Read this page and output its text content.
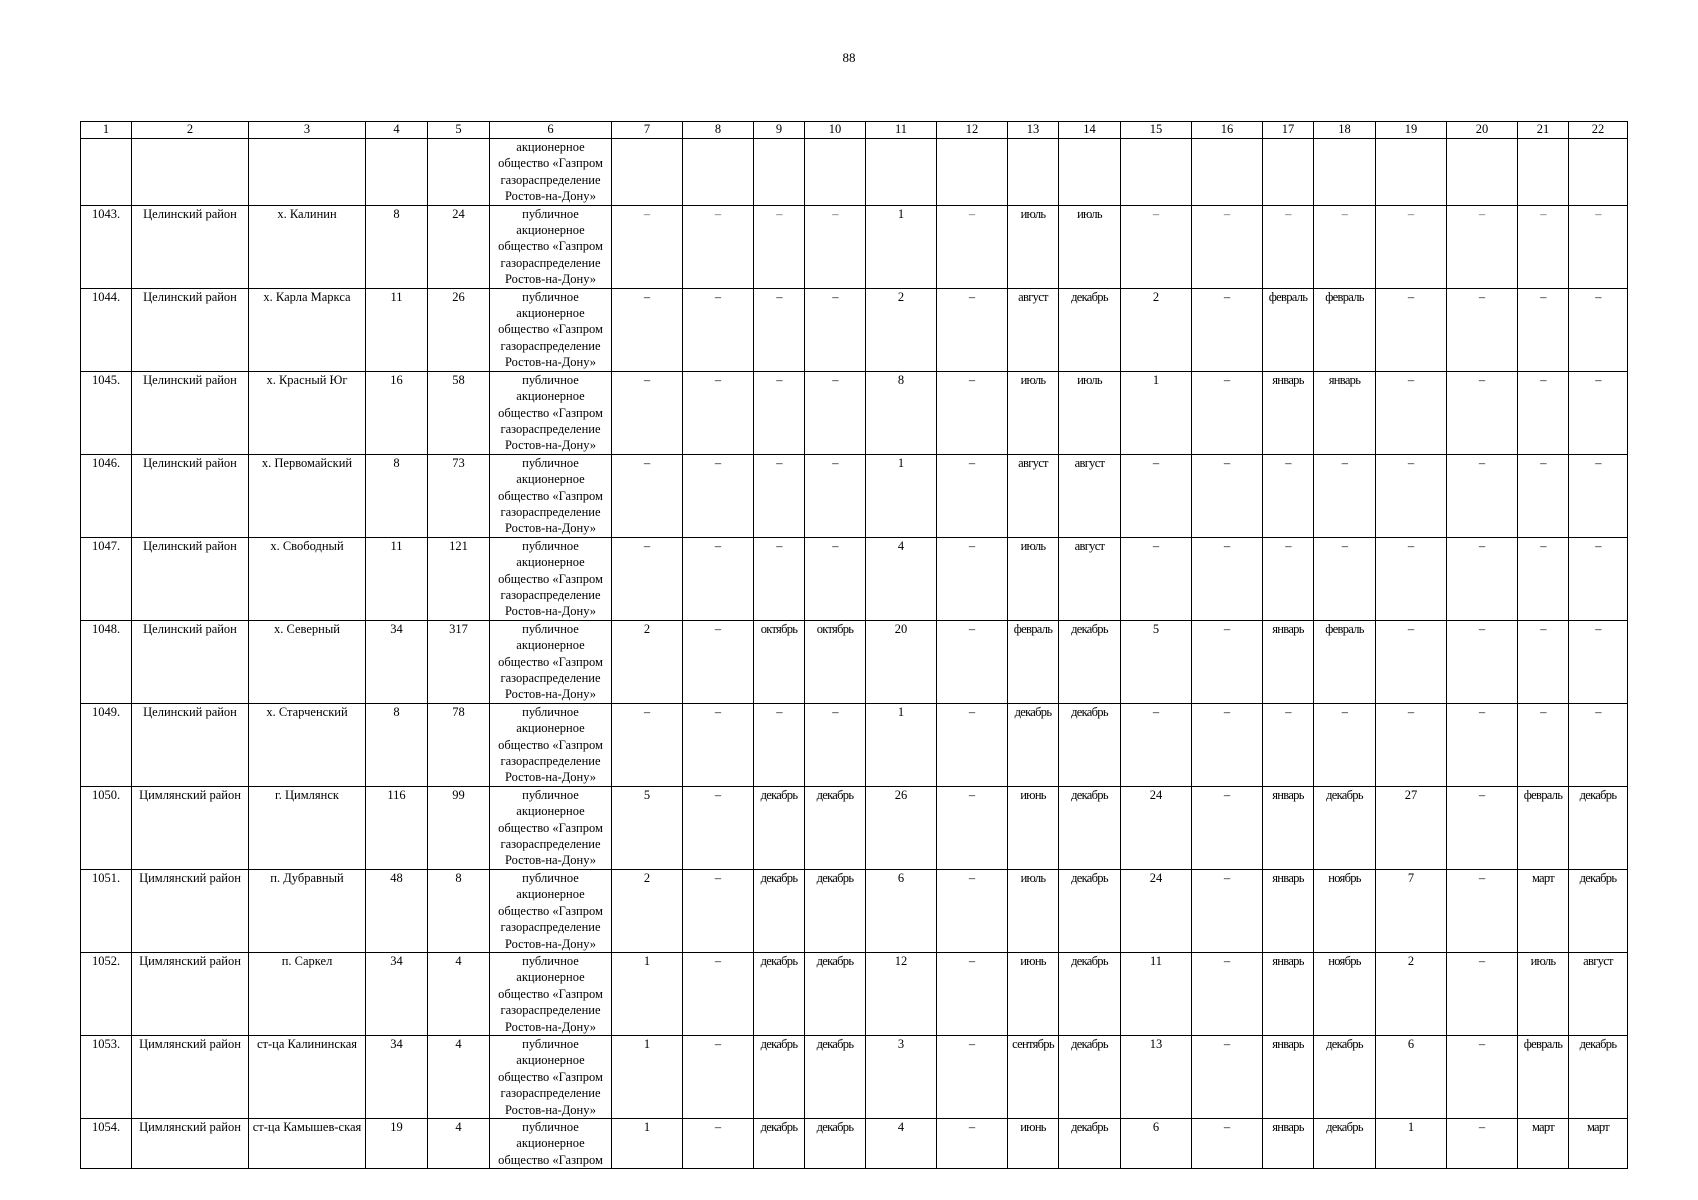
88
1	2	3	4	5	6	7	8	9	10	11	12	13	14	15	16	17	18	19	20	21	22
					акционерное общество «Газпром газораспределение Ростов-на-Дону»																
1043.	Целинский район	х. Калинин	8	24	публичное акционерное общество «Газпром газораспределение Ростов-на-Дону»	–	–	–	–	1	–	июль	июль	–	–	–	–	–	–	–	–
1044.	Целинский район	х. Карла Маркса	11	26	публичное акционерное общество «Газпром газораспределение Ростов-на-Дону»	–	–	–	–	2	–	август	декабрь	2	–	февраль	февраль	–	–	–	–
1045.	Целинский район	х. Красный Юг	16	58	публичное акционерное общество «Газпром газораспределение Ростов-на-Дону»	–	–	–	–	8	–	июль	июль	1	–	январь	январь	–	–	–	–
1046.	Целинский район	х. Первомайский	8	73	публичное акционерное общество «Газпром газораспределение Ростов-на-Дону»	–	–	–	–	1	–	август	август	–	–	–	–	–	–	–	–
1047.	Целинский район	х. Свободный	11	121	публичное акционерное общество «Газпром газораспределение Ростов-на-Дону»	–	–	–	–	4	–	июль	август	–	–	–	–	–	–	–	–
1048.	Целинский район	х. Северный	34	317	публичное акционерное общество «Газпром газораспределение Ростов-на-Дону»	2	–	октябрь	октябрь	20	–	февраль	декабрь	5	–	январь	февраль	–	–	–	–
1049.	Целинский район	х. Старченский	8	78	публичное акционерное общество «Газпром газораспределение Ростов-на-Дону»	–	–	–	–	1	–	декабрь	декабрь	–	–	–	–	–	–	–	–
1050.	Цимлянский район	г. Цимлянск	116	99	публичное акционерное общество «Газпром газораспределение Ростов-на-Дону»	5	–	декабрь	декабрь	26	–	июнь	декабрь	24	–	январь	декабрь	27	–	февраль	декабрь
1051.	Цимлянский район	п. Дубравный	48	8	публичное акционерное общество «Газпром газораспределение Ростов-на-Дону»	2	–	декабрь	декабрь	6	–	июль	декабрь	24	–	январь	ноябрь	7	–	март	декабрь
1052.	Цимлянский район	п. Саркел	34	4	публичное акционерное общество «Газпром газораспределение Ростов-на-Дону»	1	–	декабрь	декабрь	12	–	июнь	декабрь	11	–	январь	ноябрь	2	–	июль	август
1053.	Цимлянский район	ст-ца Калининская	34	4	публичное акционерное общество «Газпром газораспределение Ростов-на-Дону»	1	–	декабрь	декабрь	3	–	сентябрь	декабрь	13	–	январь	декабрь	6	–	февраль	декабрь
1054.	Цимлянский район	ст-ца Камышев-ская	19	4	публичное акционерное общество «Газпром	1	–	декабрь	декабрь	4	–	июнь	декабрь	6	–	январь	декабрь	1	–	март	март
